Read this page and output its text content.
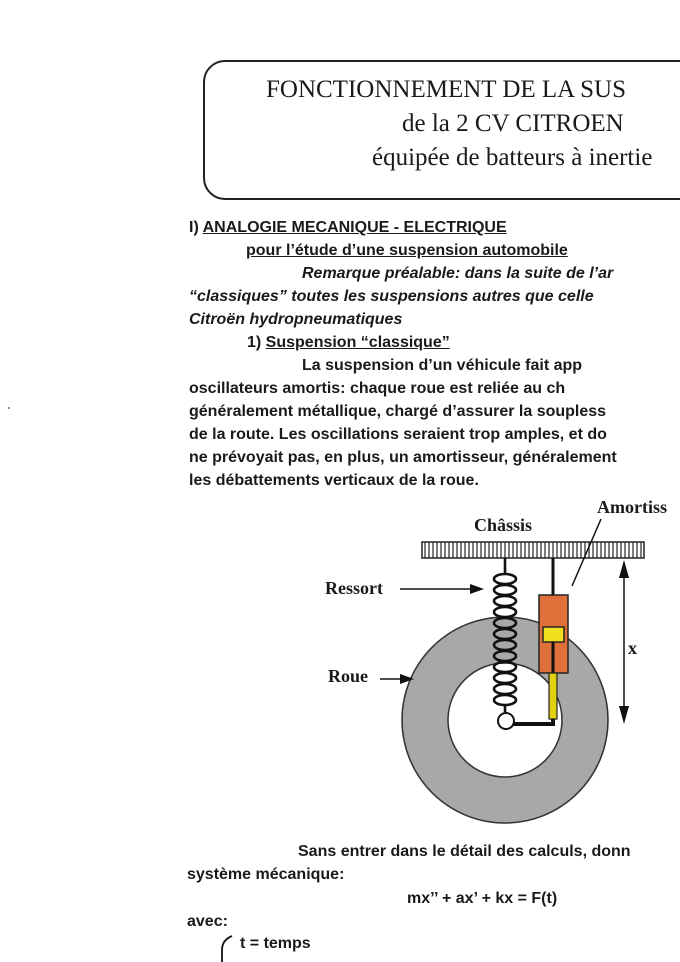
FONCTIONNEMENT DE LA SUS
de la 2 CV CITROEN
équipée de batteurs à inertie
I) ANALOGIE MECANIQUE - ELECTRIQUE
pour l’étude d’une suspension automobile
Remarque préalable: dans la suite de l’ar
“classiques” toutes les suspensions autres que celle
Citroën hydropneumatiques
1) Suspension “classique”
La suspension d’un véhicule fait app
oscillateurs amortis: chaque roue est reliée au ch
généralement métallique, chargé d’assurer la soupless
de la route. Les oscillations seraient trop amples, et do
ne prévoyait pas, en plus, un amortisseur, généralement
les débattements verticaux de la roue.
Châssis
Amortiss
Ressort
Roue
x
Sans entrer dans le détail des calculs, donn
système mécanique:
mx’’ + ax’ + kx = F(t)
avec:
t = temps
